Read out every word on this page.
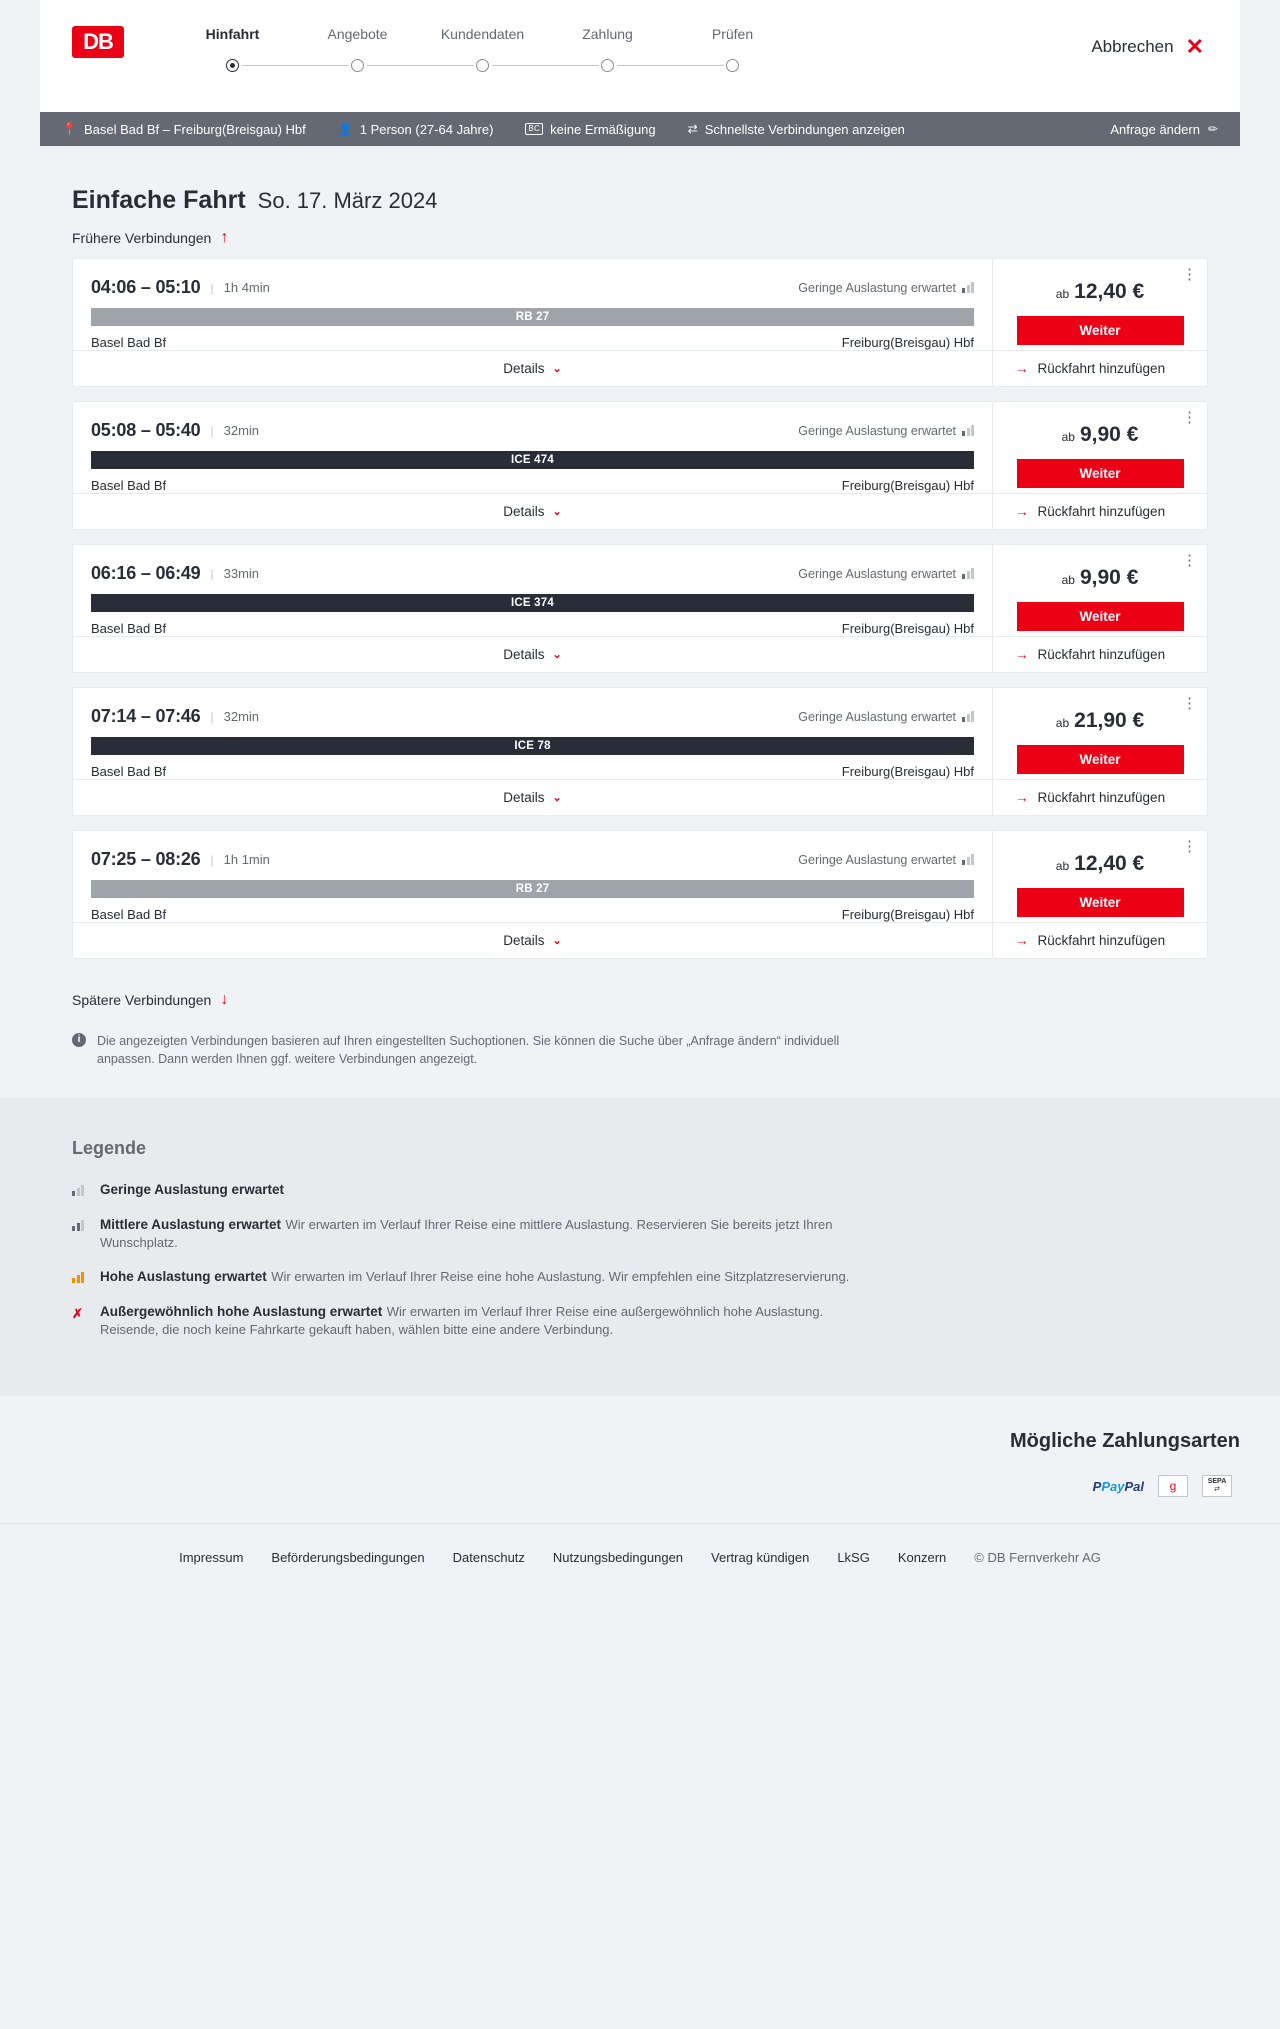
DB	Hinfahrt	Angebote	Kundendaten	Zahlung	Prüfen
Abbrechen ✕
📍 Basel Bad Bf – Freiburg(Breisgau) Hbf	👤 1 Person (27-64 Jahre)	BC keine Ermäßigung	⇄ Schnellste Verbindungen anzeigen	Anfrage ändern ✏
Einfache Fahrt So. 17. März 2024
Frühere Verbindungen ↑
04:06 – 05:10 | 1h 4min	Geringe Auslastung erwartet
RB 27
Basel Bad Bf	Freiburg(Breisgau) Hbf
Details ⌄
⋮
ab 12,40 €
Weiter
→ Rückfahrt hinzufügen
05:08 – 05:40 | 32min	Geringe Auslastung erwartet
ICE 474
Basel Bad Bf	Freiburg(Breisgau) Hbf
Details ⌄
⋮
ab 9,90 €
Weiter
→ Rückfahrt hinzufügen
06:16 – 06:49 | 33min	Geringe Auslastung erwartet
ICE 374
Basel Bad Bf	Freiburg(Breisgau) Hbf
Details ⌄
⋮
ab 9,90 €
Weiter
→ Rückfahrt hinzufügen
07:14 – 07:46 | 32min	Geringe Auslastung erwartet
ICE 78
Basel Bad Bf	Freiburg(Breisgau) Hbf
Details ⌄
⋮
ab 21,90 €
Weiter
→ Rückfahrt hinzufügen
07:25 – 08:26 | 1h 1min	Geringe Auslastung erwartet
RB 27
Basel Bad Bf	Freiburg(Breisgau) Hbf
Details ⌄
⋮
ab 12,40 €
Weiter
→ Rückfahrt hinzufügen
Spätere Verbindungen ↓
i	Die angezeigten Verbindungen basieren auf Ihren eingestellten Suchoptionen. Sie können die Suche über „Anfrage ändern“ individuell anpassen. Dann werden Ihnen ggf. weitere Verbindungen angezeigt.
Legende
Geringe Auslastung erwartet
Mittlere Auslastung erwartet Wir erwarten im Verlauf Ihrer Reise eine mittlere Auslastung. Reservieren Sie bereits jetzt Ihren Wunschplatz.
Hohe Auslastung erwartet Wir erwarten im Verlauf Ihrer Reise eine hohe Auslastung. Wir empfehlen eine Sitzplatzreservierung.
✗	Außergewöhnlich hohe Auslastung erwartet Wir erwarten im Verlauf Ihrer Reise eine außergewöhnlich hohe Auslastung. Reisende, die noch keine Fahrkarte gekauft haben, wählen bitte eine andere Verbindung.
Mögliche Zahlungsarten
P Pay Pal	g	SEPA
⇄
Impressum Beförderungsbedingungen Datenschutz Nutzungsbedingungen Vertrag kündigen LkSG Konzern © DB Fernverkehr AG
